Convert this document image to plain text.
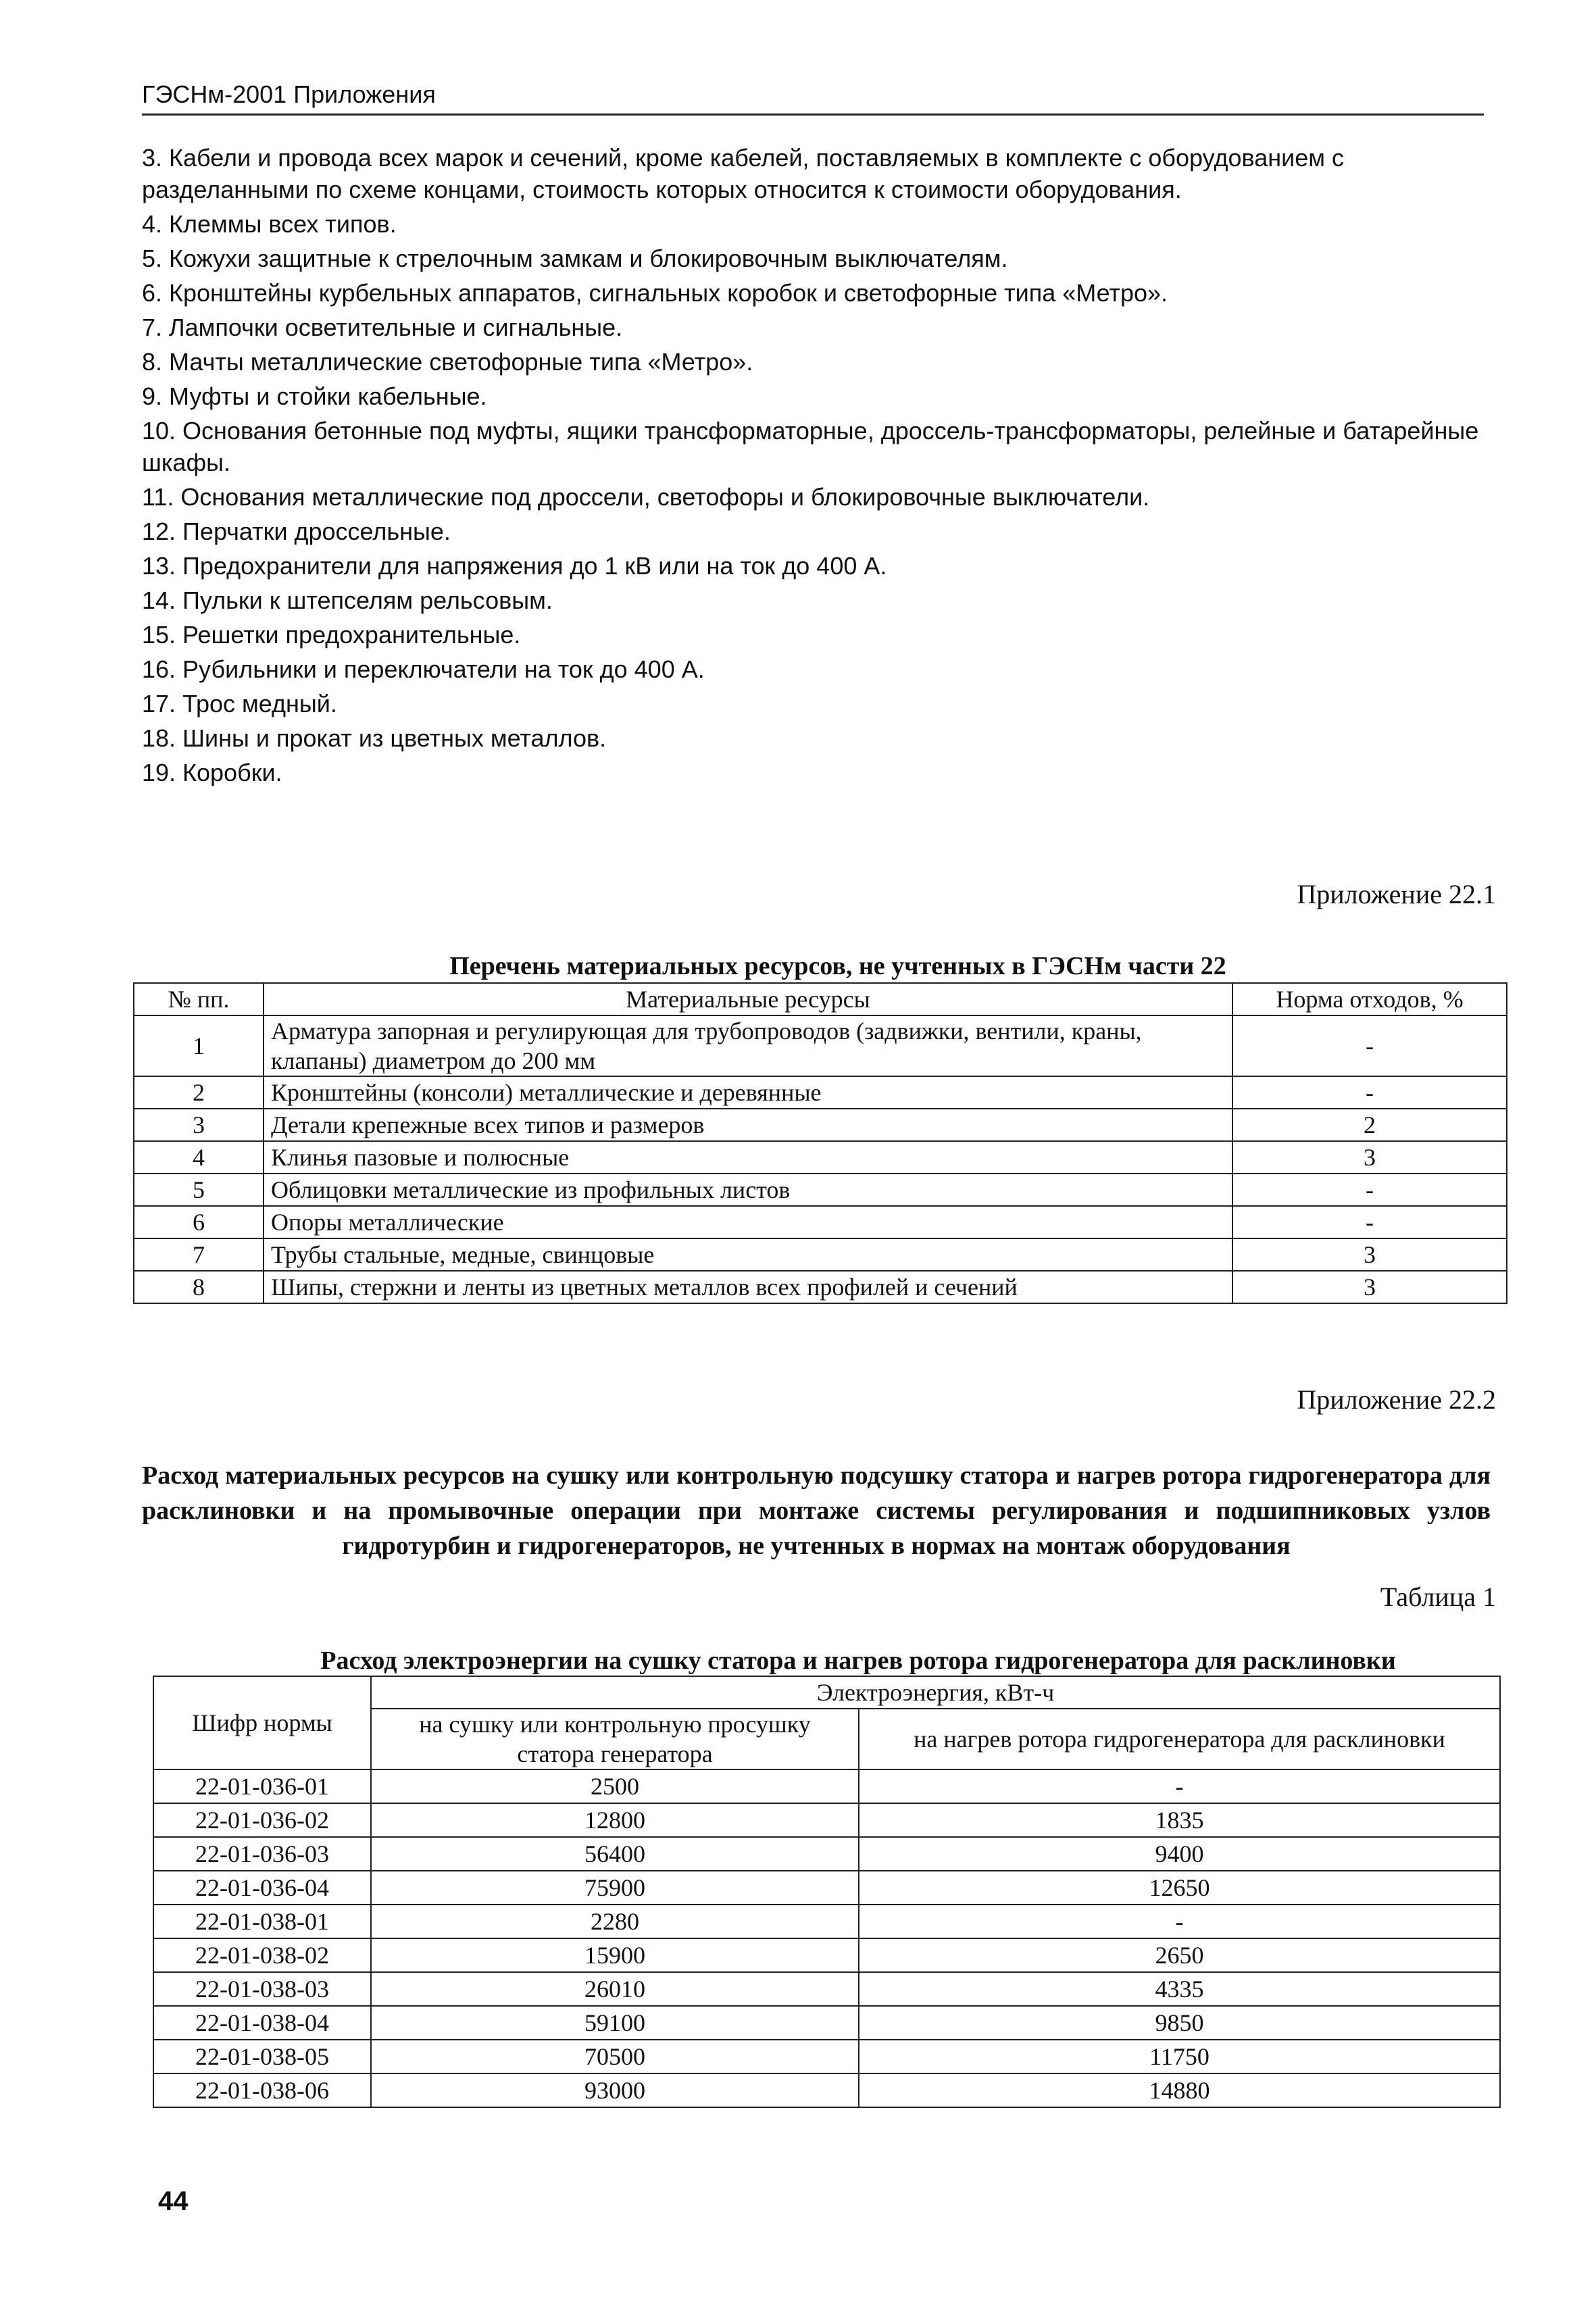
ГЭСНм-2001 Приложения
3. Кабели и провода всех марок и сечений, кроме кабелей, поставляемых в комплекте с оборудованием с разделанными по схеме концами, стоимость которых относится к стоимости оборудования.
4. Клеммы всех типов.
5. Кожухи защитные к стрелочным замкам и блокировочным выключателям.
6. Кронштейны курбельных аппаратов, сигнальных коробок и светофорные типа «Метро».
7. Лампочки осветительные и сигнальные.
8. Мачты металлические светофорные типа «Метро».
9. Муфты и стойки кабельные.
10. Основания бетонные под муфты, ящики трансформаторные, дроссель-трансформаторы, релейные и батарейные шкафы.
11. Основания металлические под дроссели, светофоры и блокировочные выключатели.
12. Перчатки дроссельные.
13. Предохранители для напряжения до 1 кВ или на ток до 400 А.
14. Пульки к штепселям рельсовым.
15. Решетки предохранительные.
16. Рубильники и переключатели на ток до 400 А.
17. Трос медный.
18. Шины и прокат из цветных металлов.
19. Коробки.
Приложение 22.1
Перечень материальных ресурсов, не учтенных в ГЭСНм части 22
№ пп.	Материальные ресурсы	Норма отходов, %
1	Арматура запорная и регулирующая для трубопроводов (задвижки, вентили, краны, клапаны) диаметром до 200 мм	-
2	Кронштейны (консоли) металлические и деревянные	-
3	Детали крепежные всех типов и размеров	2
4	Клинья пазовые и полюсные	3
5	Облицовки металлические из профильных листов	-
6	Опоры металлические	-
7	Трубы стальные, медные, свинцовые	3
8	Шипы, стержни и ленты из цветных металлов всех профилей и сечений	3
Приложение 22.2
Расход материальных ресурсов на сушку или контрольную подсушку статора и нагрев ротора гидрогенератора для расклиновки и на промывочные операции при монтаже системы регулирования и подшипниковых узлов гидротурбин и гидрогенераторов, не учтенных в нормах на монтаж оборудования
Таблица 1
Расход электроэнергии на сушку статора и нагрев ротора гидрогенератора для расклиновки
Шифр нормы	Электроэнергия, кВт-ч	
	на сушку или контрольную просушку статора генератора	на нагрев ротора гидрогенератора для расклиновки
22-01-036-01	2500	-
22-01-036-02	12800	1835
22-01-036-03	56400	9400
22-01-036-04	75900	12650
22-01-038-01	2280	-
22-01-038-02	15900	2650
22-01-038-03	26010	4335
22-01-038-04	59100	9850
22-01-038-05	70500	11750
22-01-038-06	93000	14880
44
